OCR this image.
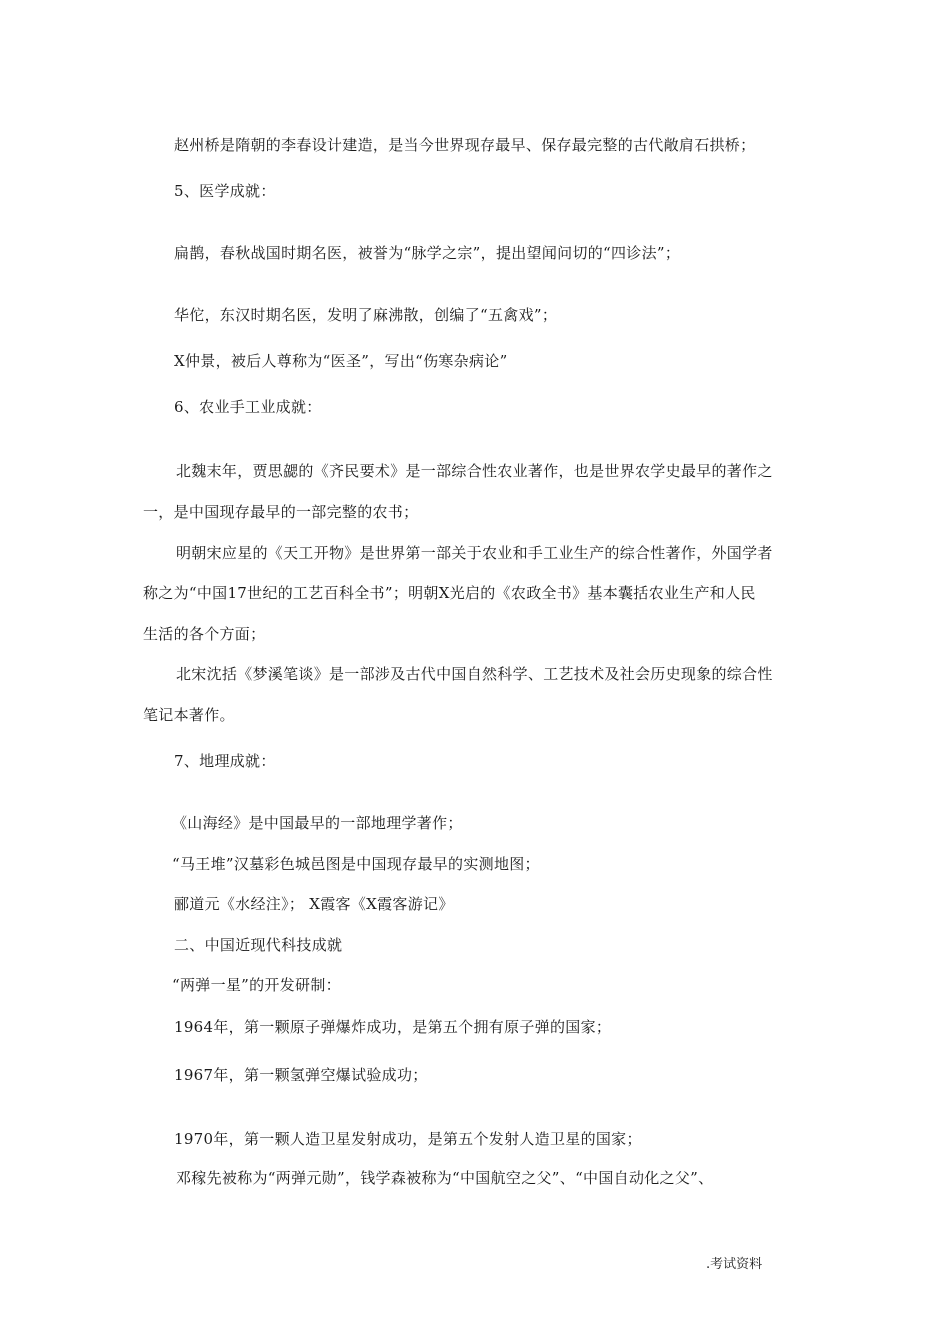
赵州桥是隋朝的李春设计建造，是当今世界现存最早、保存最完整的古代敞肩石拱桥；
5、医学成就：
扁鹊，春秋战国时期名医，被誉为“脉学之宗”，提出望闻问切的“四诊法”；
华佗，东汉时期名医，发明了麻沸散，创编了“五禽戏”；
X仲景，被后人尊称为“医圣”，写出“伤寒杂病论”
6、农业手工业成就：
北魏末年，贾思勰的《齐民要术》是一部综合性农业著作，也是世界农学史最早的著作之
一，是中国现存最早的一部完整的农书；
明朝宋应星的《天工开物》是世界第一部关于农业和手工业生产的综合性著作，外国学者
称之为“中国17世纪的工艺百科全书”；明朝X光启的《农政全书》基本囊括农业生产和人民
生活的各个方面；
北宋沈括《梦溪笔谈》是一部涉及古代中国自然科学、工艺技术及社会历史现象的综合性
笔记本著作。
7、地理成就：
《山海经》是中国最早的一部地理学著作；
“马王堆”汉墓彩色城邑图是中国现存最早的实测地图；
郦道元《水经注》； X霞客《X霞客游记》
二、中国近现代科技成就
“两弹一星”的开发研制：
1964年，第一颗原子弹爆炸成功，是第五个拥有原子弹的国家；
1967年，第一颗氢弹空爆试验成功；
1970年，第一颗人造卫星发射成功，是第五个发射人造卫星的国家；
邓稼先被称为“两弹元勋”，钱学森被称为“中国航空之父”、“中国自动化之父”、
.考试资料
